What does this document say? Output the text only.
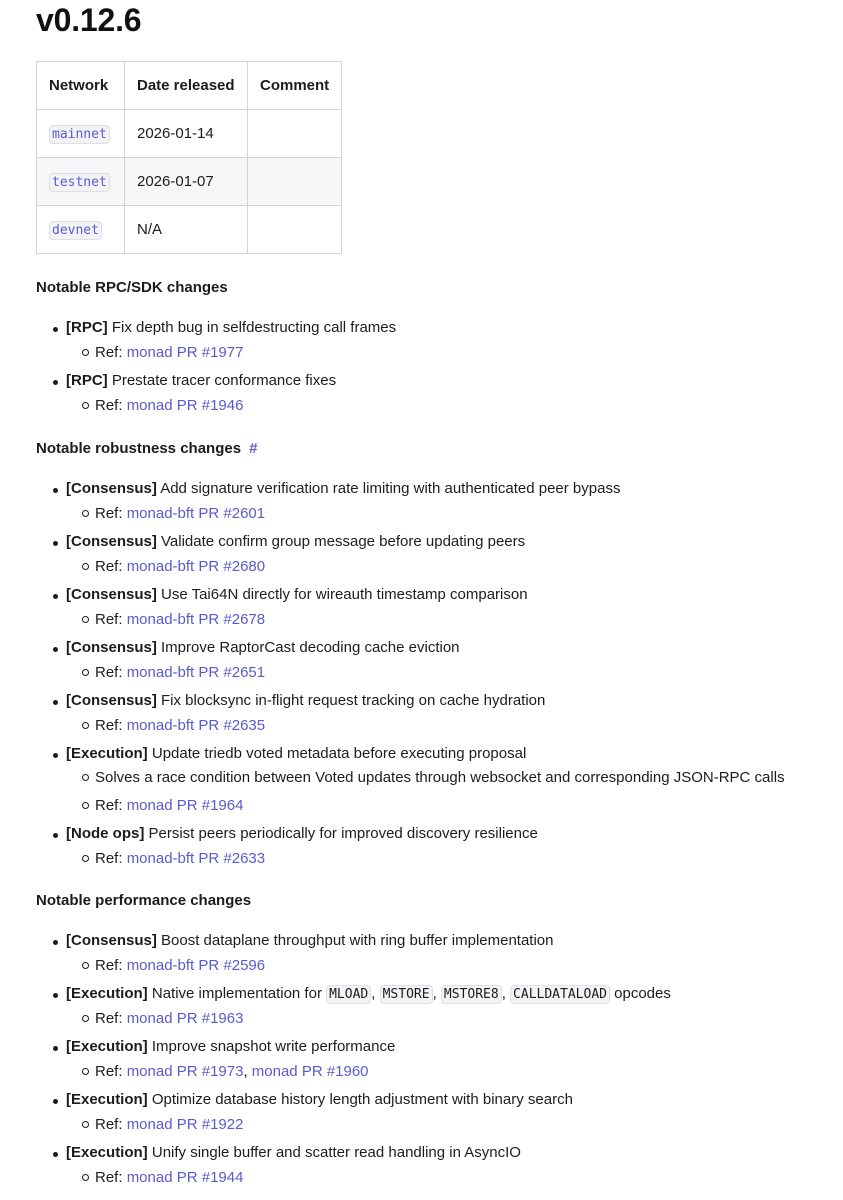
v0.12.6
Network	Date released	Comment
mainnet	2026-01-14	
testnet	2026-01-07	
devnet	N/A	
Notable RPC/SDK changes
[RPC] Fix depth bug in selfdestructing call frames
Ref: monad PR #1977
[RPC] Prestate tracer conformance fixes
Ref: monad PR #1946
Notable robustness changes #
[Consensus] Add signature verification rate limiting with authenticated peer bypass
Ref: monad-bft PR #2601
[Consensus] Validate confirm group message before updating peers
Ref: monad-bft PR #2680
[Consensus] Use Tai64N directly for wireauth timestamp comparison
Ref: monad-bft PR #2678
[Consensus] Improve RaptorCast decoding cache eviction
Ref: monad-bft PR #2651
[Consensus] Fix blocksync in-flight request tracking on cache hydration
Ref: monad-bft PR #2635
[Execution] Update triedb voted metadata before executing proposal
Solves a race condition between Voted updates through websocket and corresponding JSON-RPC calls
Ref: monad PR #1964
[Node ops] Persist peers periodically for improved discovery resilience
Ref: monad-bft PR #2633
Notable performance changes
[Consensus] Boost dataplane throughput with ring buffer implementation
Ref: monad-bft PR #2596
[Execution] Native implementation for MLOAD , MSTORE , MSTORE8 , CALLDATALOAD opcodes
Ref: monad PR #1963
[Execution] Improve snapshot write performance
Ref: monad PR #1973, monad PR #1960
[Execution] Optimize database history length adjustment with binary search
Ref: monad PR #1922
[Execution] Unify single buffer and scatter read handling in AsyncIO
Ref: monad PR #1944
